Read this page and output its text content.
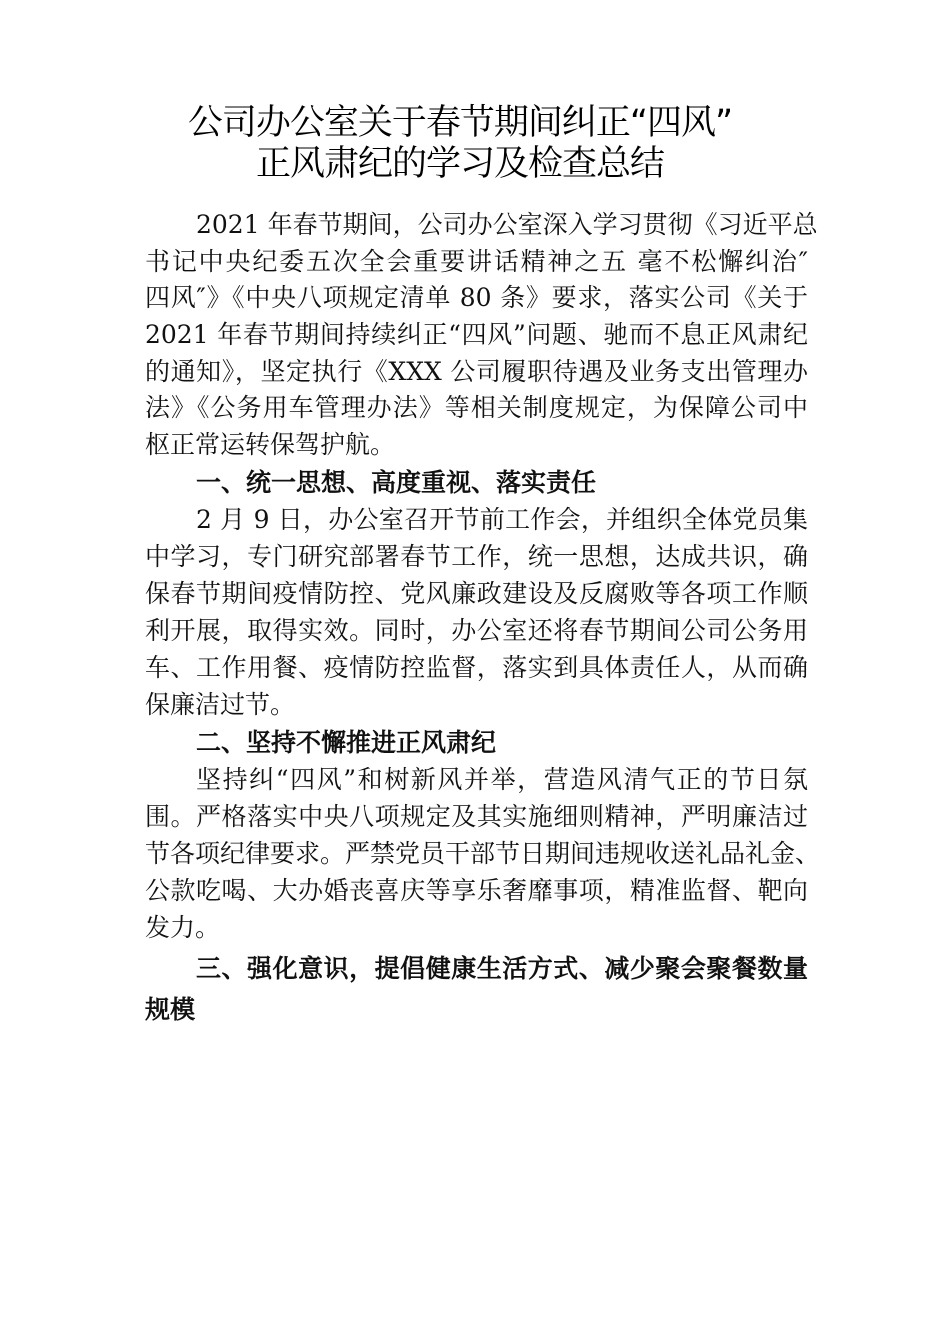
公司办公室关于春节期间纠正“四风”
正风肃纪的学习及检查总结
2021 年春节期间，公司办公室深入学习贯彻《习近平总
书记中央纪委五次全会重要讲话精神之五 毫不松懈纠治″
四风″》《中央八项规定清单 80 条》要求，落实公司《关于
2021 年春节期间持续纠正“四风”问题、驰而不息正风肃纪
的通知》，坚定执行《XXX 公司履职待遇及业务支出管理办
法》《公务用车管理办法》等相关制度规定，为保障公司中
枢正常运转保驾护航。
一、统一思想、高度重视、落实责任
2 月 9 日，办公室召开节前工作会，并组织全体党员集
中学习，专门研究部署春节工作，统一思想，达成共识，确
保春节期间疫情防控、党风廉政建设及反腐败等各项工作顺
利开展，取得实效。同时，办公室还将春节期间公司公务用
车、工作用餐、疫情防控监督，落实到具体责任人，从而确
保廉洁过节。
二、坚持不懈推进正风肃纪
坚持纠“四风”和树新风并举，营造风清气正的节日氛
围。严格落实中央八项规定及其实施细则精神，严明廉洁过
节各项纪律要求。严禁党员干部节日期间违规收送礼品礼金、
公款吃喝、大办婚丧喜庆等享乐奢靡事项，精准监督、靶向
发力。
三、强化意识，提倡健康生活方式、减少聚会聚餐数量
规模
